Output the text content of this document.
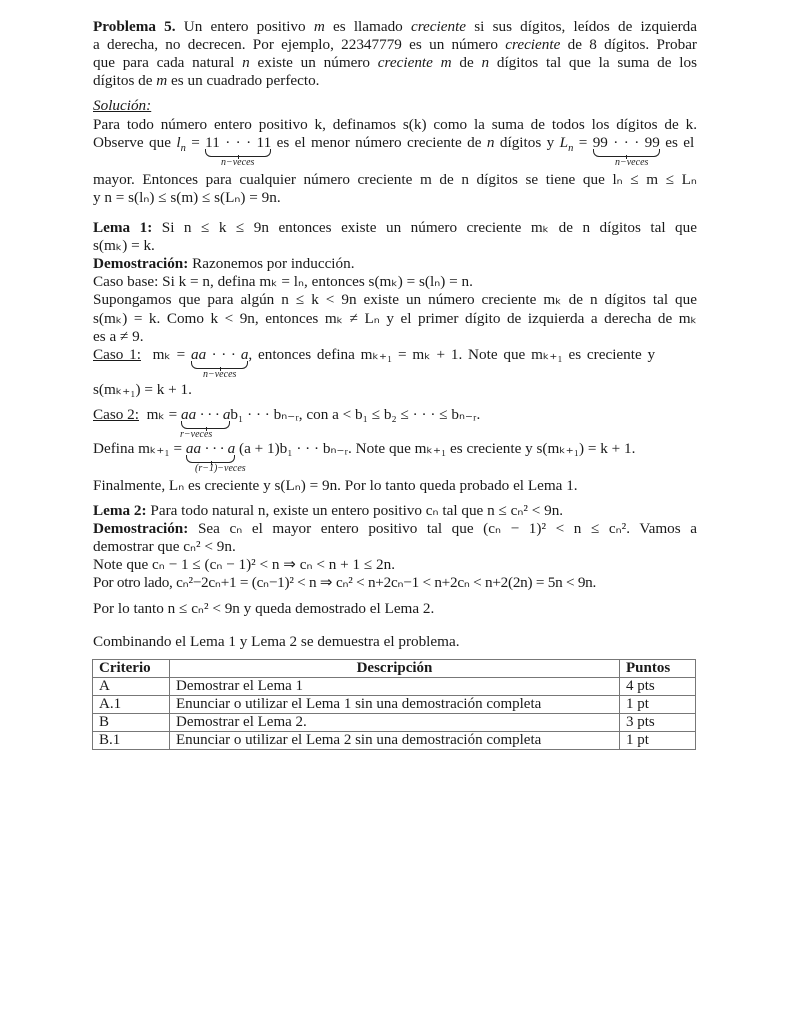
Problema 5. Un entero positivo m es llamado creciente si sus dígitos, leídos de izquierda
a derecha, no decrecen. Por ejemplo, 22347779 es un número creciente de 8 dígitos. Probar
que para cada natural n existe un número creciente m de n dígitos tal que la suma de los
dígitos de m es un cuadrado perfecto.
Solución:
Para todo número entero positivo k, definamos s(k) como la suma de todos los dígitos de k.
Observe que $l_n = 11$ · · · 11
es el menor número creciente de n dígitos y $L_n = 99$ · · · 99
es el
n−veces	n−veces
mayor. Entonces para cualquier número creciente m de n dígitos se tiene que lₙ ≤ m ≤ Lₙ
y n = s(lₙ) ≤ s(m) ≤ s(Lₙ) = 9n.
Lema 1: Si n ≤ k ≤ 9n entonces existe un número creciente mₖ de n dígitos tal que
s(mₖ) = k.
Demostración: Razonemos por inducción.
Caso base: Si k = n, defina mₖ = lₙ, entonces s(mₖ) = s(lₙ) = n.
Supongamos que para algún n ≤ k < 9n existe un número creciente mₖ de n dígitos tal que
s(mₖ) = k. Como k < 9n, entonces mₖ ≠ Lₙ y el primer dígito de izquierda a derecha de mₖ
es a ≠ 9.
Caso 1: mₖ = aa · · · a
, entonces defina mₖ₊₁ = mₖ + 1. Note que mₖ₊₁ es creciente y
n−veces
s(mₖ₊₁) = k + 1.
Caso 2: mₖ = aa · · · a
b₁ · · · bₙ₋ᵣ, con a < b₁ ≤ b₂ ≤ · · · ≤ bₙ₋ᵣ.
r−veces
Defina mₖ₊₁ = aa · · · a
(a + 1)b₁ · · · bₙ₋ᵣ. Note que mₖ₊₁ es creciente y s(mₖ₊₁) = k + 1.
(r−1)−veces
Finalmente, Lₙ es creciente y s(Lₙ) = 9n. Por lo tanto queda probado el Lema 1.
Lema 2: Para todo natural n, existe un entero positivo cₙ tal que n ≤ cₙ² < 9n.
Demostración: Sea cₙ el mayor entero positivo tal que (cₙ − 1)² < n ≤ cₙ². Vamos a
demostrar que cₙ² < 9n.
Note que cₙ − 1 ≤ (cₙ − 1)² < n ⇒ cₙ < n + 1 ≤ 2n.
Por otro lado, cₙ²−2cₙ+1 = (cₙ−1)² < n ⇒ cₙ² < n+2cₙ−1 < n+2cₙ < n+2(2n) = 5n < 9n.
Por lo tanto n ≤ cₙ² < 9n y queda demostrado el Lema 2.
Combinando el Lema 1 y Lema 2 se demuestra el problema.
Criterio	Descripción	Puntos
A	Demostrar el Lema 1	4 pts
A.1	Enunciar o utilizar el Lema 1 sin una demostración completa	1 pt
B	Demostrar el Lema 2.	3 pts
B.1	Enunciar o utilizar el Lema 2 sin una demostración completa	1 pt
